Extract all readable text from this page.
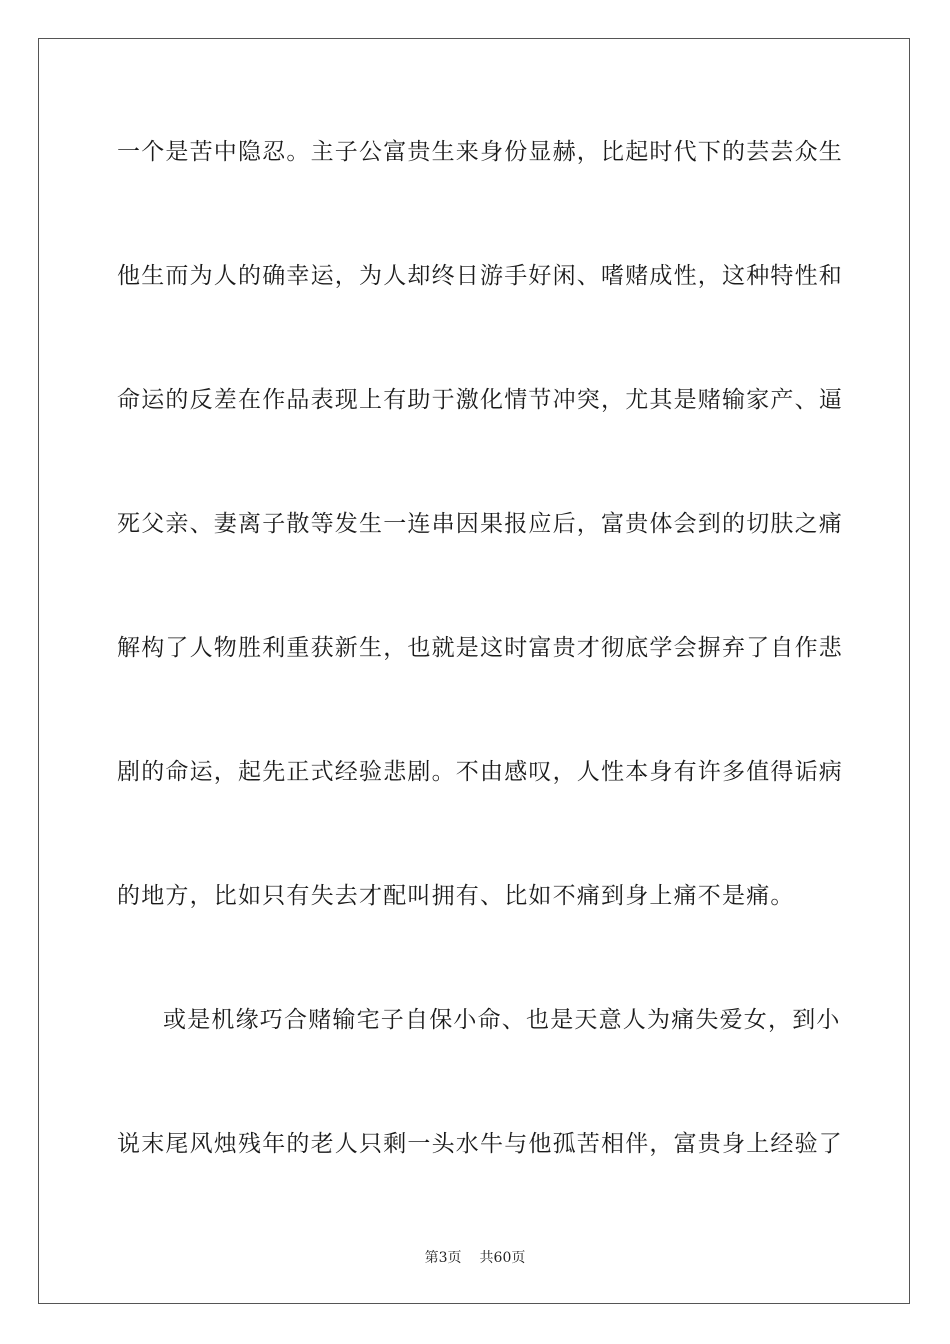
一个是苦中隐忍。主子公富贵生来身份显赫，比起时代下的芸芸众生
他生而为人的确幸运，为人却终日游手好闲、嗜赌成性，这种特性和
命运的反差在作品表现上有助于激化情节冲突，尤其是赌输家产、逼
死父亲、妻离子散等发生一连串因果报应后，富贵体会到的切肤之痛
解构了人物胜利重获新生，也就是这时富贵才彻底学会摒弃了自作悲
剧的命运，起先正式经验悲剧。不由感叹，人性本身有许多值得诟病
的地方，比如只有失去才配叫拥有、比如不痛到身上痛不是痛。
或是机缘巧合赌输宅子自保小命、也是天意人为痛失爱女，到小
说末尾风烛残年的老人只剩一头水牛与他孤苦相伴，富贵身上经验了
第3页 共60页
